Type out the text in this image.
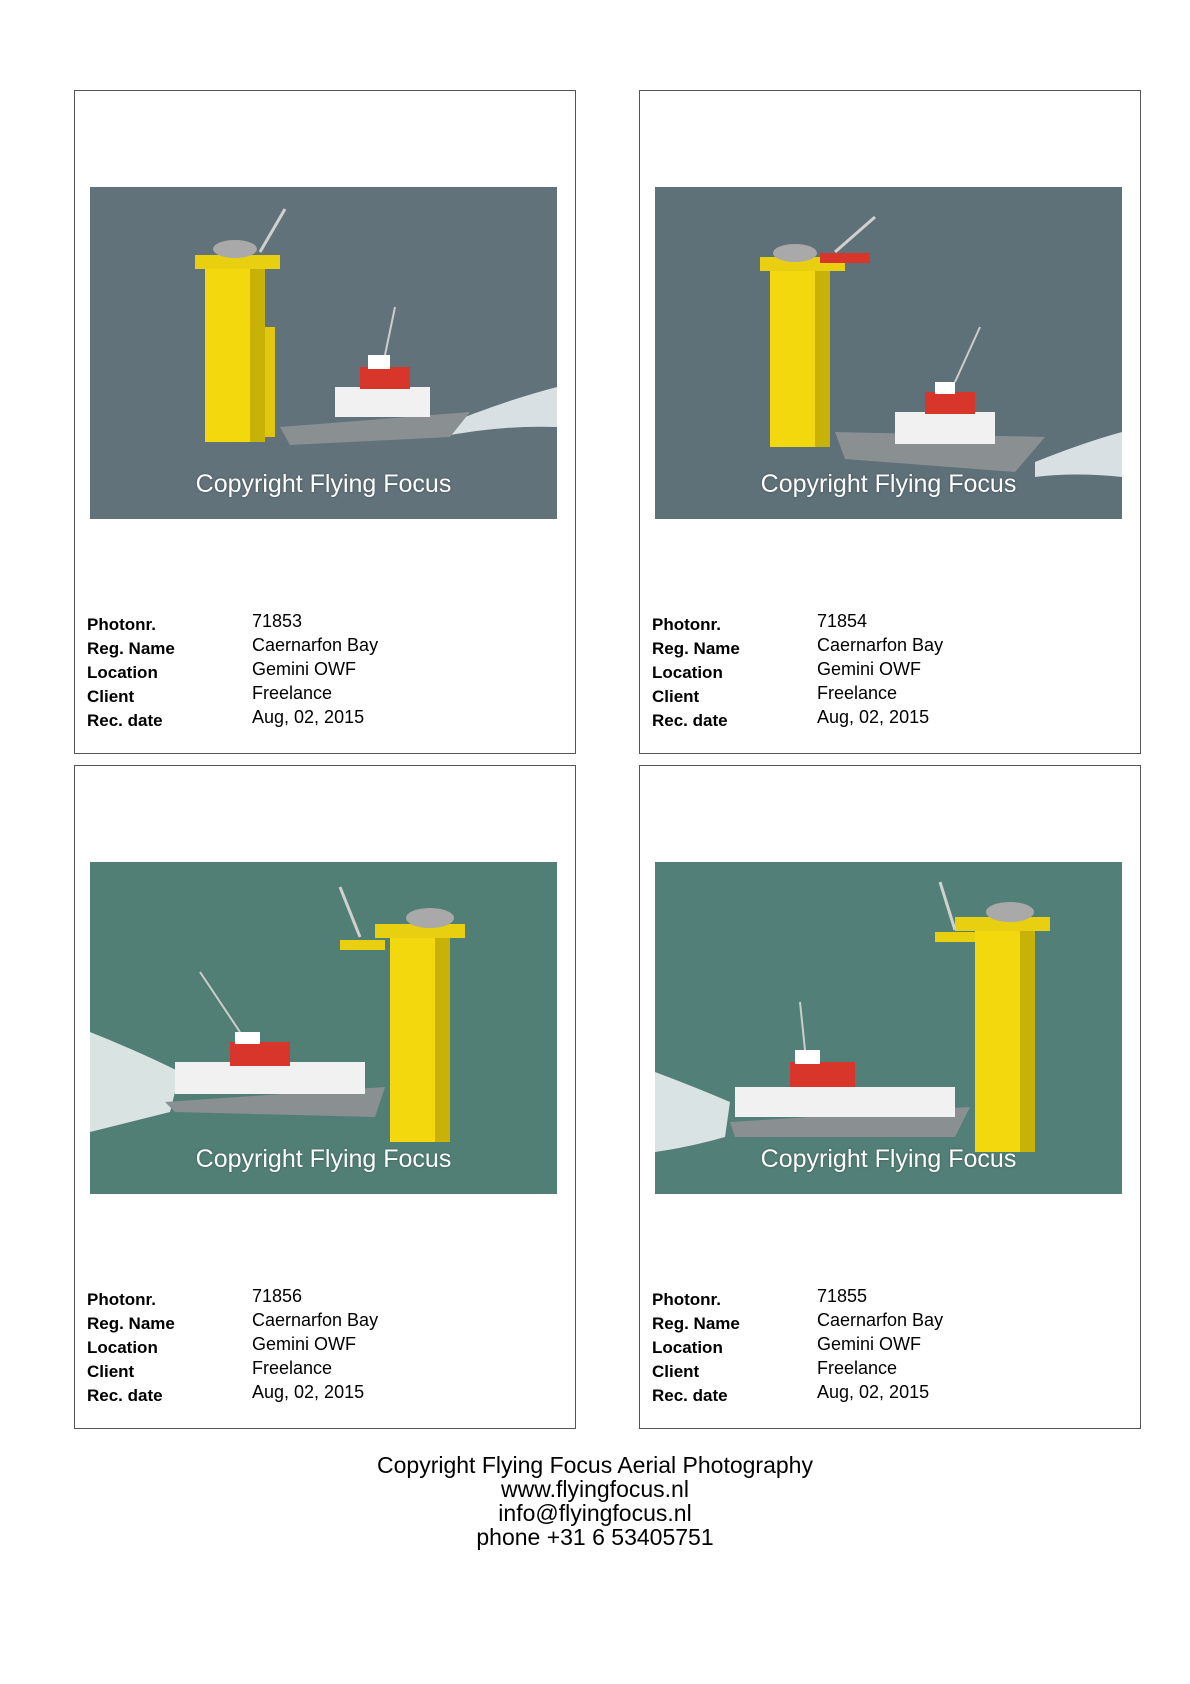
Copyright Flying Focus
Photonr.	71853
Reg. Name	Caernarfon Bay
Location	Gemini OWF
Client	Freelance
Rec. date	Aug, 02, 2015
Copyright Flying Focus
Photonr.	71854
Reg. Name	Caernarfon Bay
Location	Gemini OWF
Client	Freelance
Rec. date	Aug, 02, 2015
Copyright Flying Focus
Photonr.	71856
Reg. Name	Caernarfon Bay
Location	Gemini OWF
Client	Freelance
Rec. date	Aug, 02, 2015
Copyright Flying Focus
Photonr.	71855
Reg. Name	Caernarfon Bay
Location	Gemini OWF
Client	Freelance
Rec. date	Aug, 02, 2015
Copyright Flying Focus Aerial Photography
www.flyingfocus.nl
info@flyingfocus.nl
phone +31 6 53405751
